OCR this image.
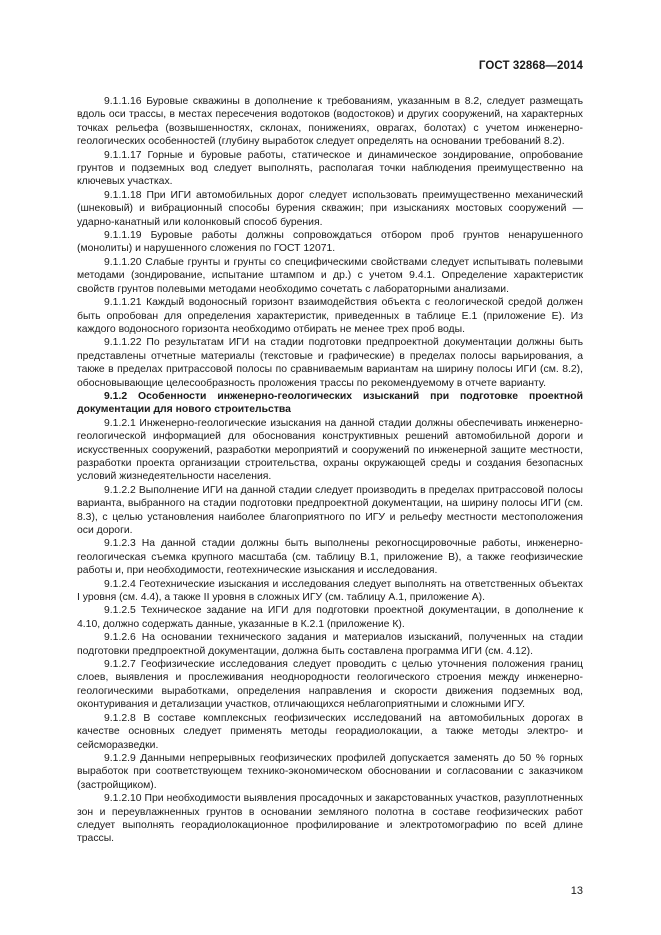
ГОСТ 32868—2014

9.1.1.16 Буровые скважины в дополнение к требованиям, указанным в 8.2, следует размещать вдоль оси трассы, в местах пересечения водотоков (водостоков) и других сооружений, на характерных точках рельефа (возвышенностях, склонах, понижениях, оврагах, болотах) с учетом инженерно-геологических особенностей (глубину выработок следует определять на основании требований 8.2).

9.1.1.17 Горные и буровые работы, статическое и динамическое зондирование, опробование грунтов и подземных вод следует выполнять, располагая точки наблюдения преимущественно на ключевых участках.

9.1.1.18 При ИГИ автомобильных дорог следует использовать преимущественно механический (шнековый) и вибрационный способы бурения скважин; при изысканиях мостовых сооружений — ударно-канатный или колонковый способ бурения.

9.1.1.19 Буровые работы должны сопровождаться отбором проб грунтов ненарушенного (монолиты) и нарушенного сложения по ГОСТ 12071.

9.1.1.20 Слабые грунты и грунты со специфическими свойствами следует испытывать полевыми методами (зондирование, испытание штампом и др.) с учетом 9.4.1. Определение характеристик свойств грунтов полевыми методами необходимо сочетать с лабораторными анализами.

9.1.1.21 Каждый водоносный горизонт взаимодействия объекта с геологической средой должен быть опробован для определения характеристик, приведенных в таблице Е.1 (приложение Е). Из каждого водоносного горизонта необходимо отбирать не менее трех проб воды.

9.1.1.22 По результатам ИГИ на стадии подготовки предпроектной документации должны быть представлены отчетные материалы (текстовые и графические) в пределах полосы варьирования, а также в пределах притрассовой полосы по сравниваемым вариантам на ширину полосы ИГИ (см. 8.2), обосновывающие целесообразность проложения трассы по рекомендуемому в отчете варианту.

9.1.2 Особенности инженерно-геологических изысканий при подготовке проектной документации для нового строительства

9.1.2.1 Инженерно-геологические изыскания на данной стадии должны обеспечивать инженерно-геологической информацией для обоснования конструктивных решений автомобильной дороги и искусственных сооружений, разработки мероприятий и сооружений по инженерной защите местности, разработки проекта организации строительства, охраны окружающей среды и создания безопасных условий жизнедеятельности населения.

9.1.2.2 Выполнение ИГИ на данной стадии следует производить в пределах притрассовой полосы варианта, выбранного на стадии подготовки предпроектной документации, на ширину полосы ИГИ (см. 8.3), с целью установления наиболее благоприятного по ИГУ и рельефу местности местоположения оси дороги.

9.1.2.3 На данной стадии должны быть выполнены рекогносцировочные работы, инженерно-геологическая съемка крупного масштаба (см. таблицу В.1, приложение В), а также геофизические работы и, при необходимости, геотехнические изыскания и исследования.

9.1.2.4 Геотехнические изыскания и исследования следует выполнять на ответственных объектах I уровня (см. 4.4), а также II уровня в сложных ИГУ (см. таблицу А.1, приложение А).

9.1.2.5 Техническое задание на ИГИ для подготовки проектной документации, в дополнение к 4.10, должно содержать данные, указанные в К.2.1 (приложение К).

9.1.2.6 На основании технического задания и материалов изысканий, полученных на стадии подготовки предпроектной документации, должна быть составлена программа ИГИ (см. 4.12).

9.1.2.7 Геофизические исследования следует проводить с целью уточнения положения границ слоев, выявления и прослеживания неоднородности геологического строения между инженерно-геологическими выработками, определения направления и скорости движения подземных вод, оконтуривания и детализации участков, отличающихся неблагоприятными и сложными ИГУ.

9.1.2.8 В составе комплексных геофизических исследований на автомобильных дорогах в качестве основных следует применять методы георадиолокации, а также методы электро- и сейсморазведки.

9.1.2.9 Данными непрерывных геофизических профилей допускается заменять до 50 % горных выработок при соответствующем технико-экономическом обосновании и согласовании с заказчиком (застройщиком).

9.1.2.10 При необходимости выявления просадочных и закарстованных участков, разуплотненных зон и переувлажненных грунтов в основании земляного полотна в составе геофизических работ следует выполнять георадиолокационное профилирование и электротомографию по всей длине трассы.

13
